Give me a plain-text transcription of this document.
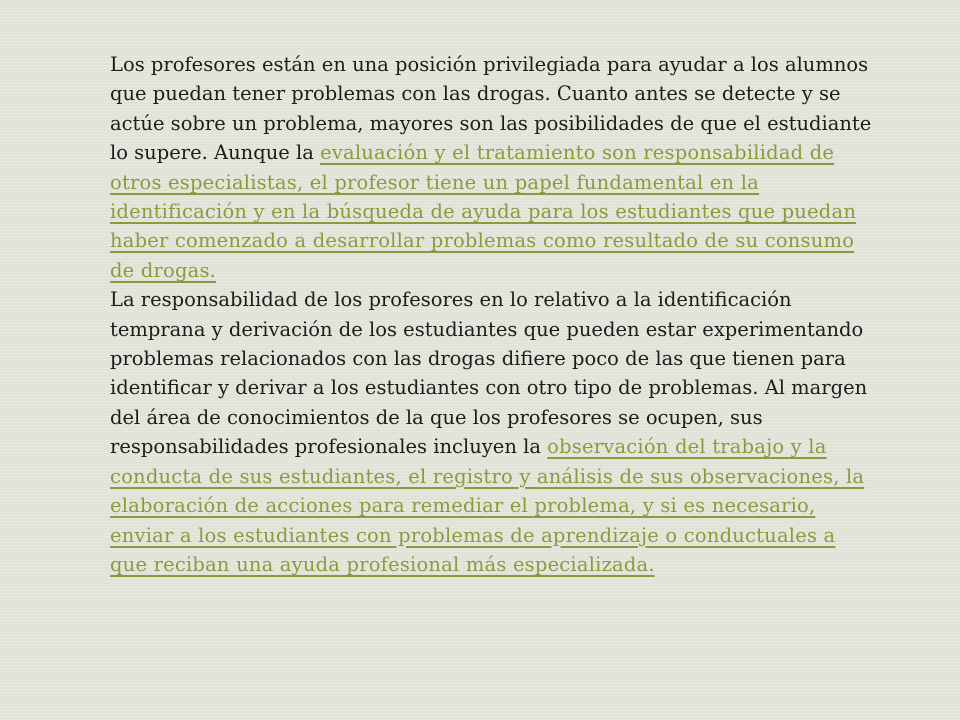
Los profesores están en una posición privilegiada para ayudar a los alumnos que puedan tener problemas con las drogas. Cuanto antes se detecte y se actúe sobre un problema, mayores son las posibilidades de que el estudiante lo supere. Aunque la evaluación y el tratamiento son responsabilidad de otros especialistas, el profesor tiene un papel fundamental en la identificación y en la búsqueda de ayuda para los estudiantes que puedan haber comenzado a desarrollar problemas como resultado de su consumo de drogas.

La responsabilidad de los profesores en lo relativo a la identificación temprana y derivación de los estudiantes que pueden estar experimentando problemas relacionados con las drogas difiere poco de las que tienen para identificar y derivar a los estudiantes con otro tipo de problemas. Al margen del área de conocimientos de la que los profesores se ocupen, sus responsabilidades profesionales incluyen la observación del trabajo y la conducta de sus estudiantes, el registro y análisis de sus observaciones, la elaboración de acciones para remediar el problema, y si es necesario, enviar a los estudiantes con problemas de aprendizaje o conductuales a que reciban una ayuda profesional más especializada.
